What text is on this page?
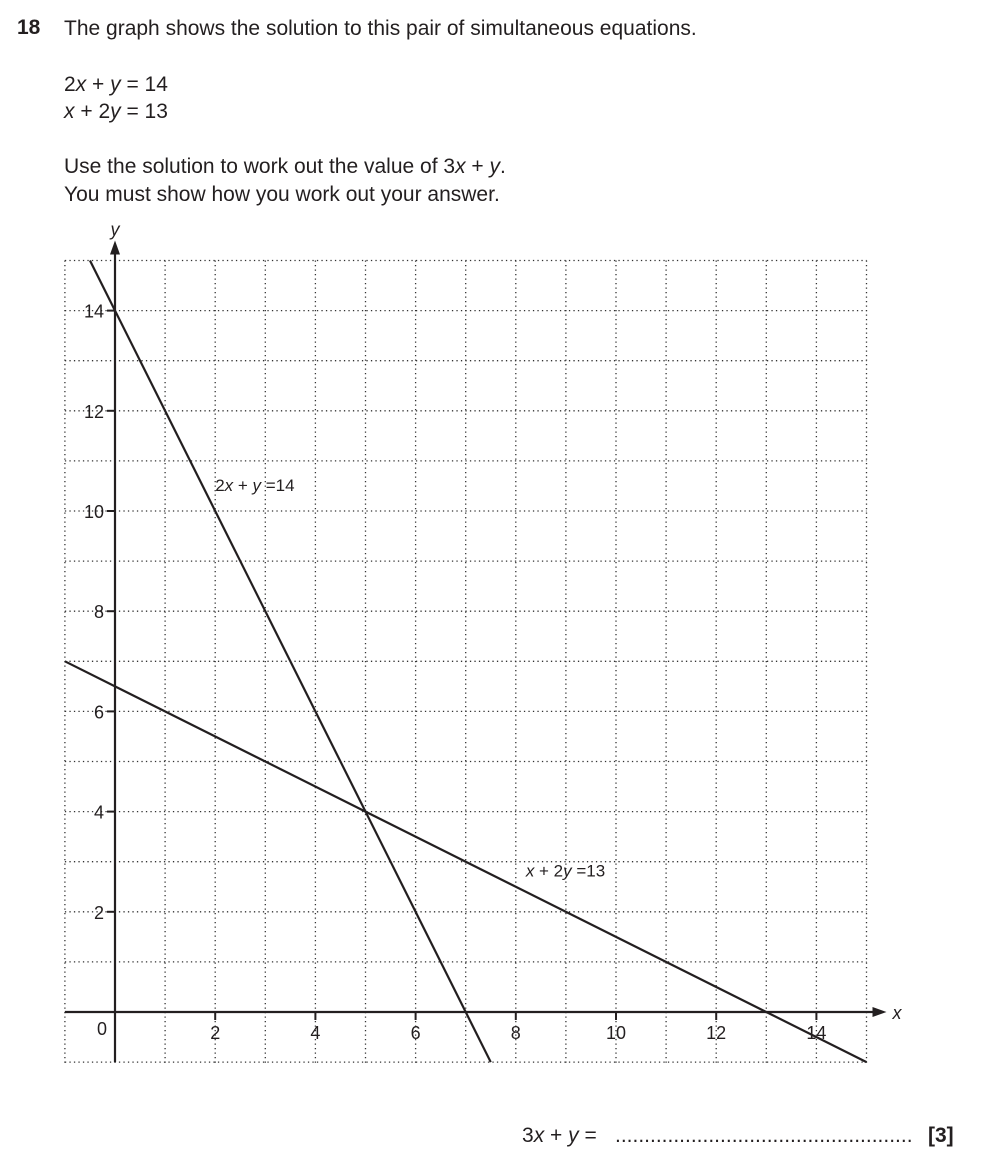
18 The graph shows the solution to this pair of simultaneous equations.
2x + y = 14
x + 2y = 13
Use the solution to work out the value of 3x + y.
You must show how you work out your answer.
0	2	4	6	8	10	12	14
2
4
6
8
10
12
14
x
y
2x + y =14
x + 2y =13
3x + y = ................................................... [3]
